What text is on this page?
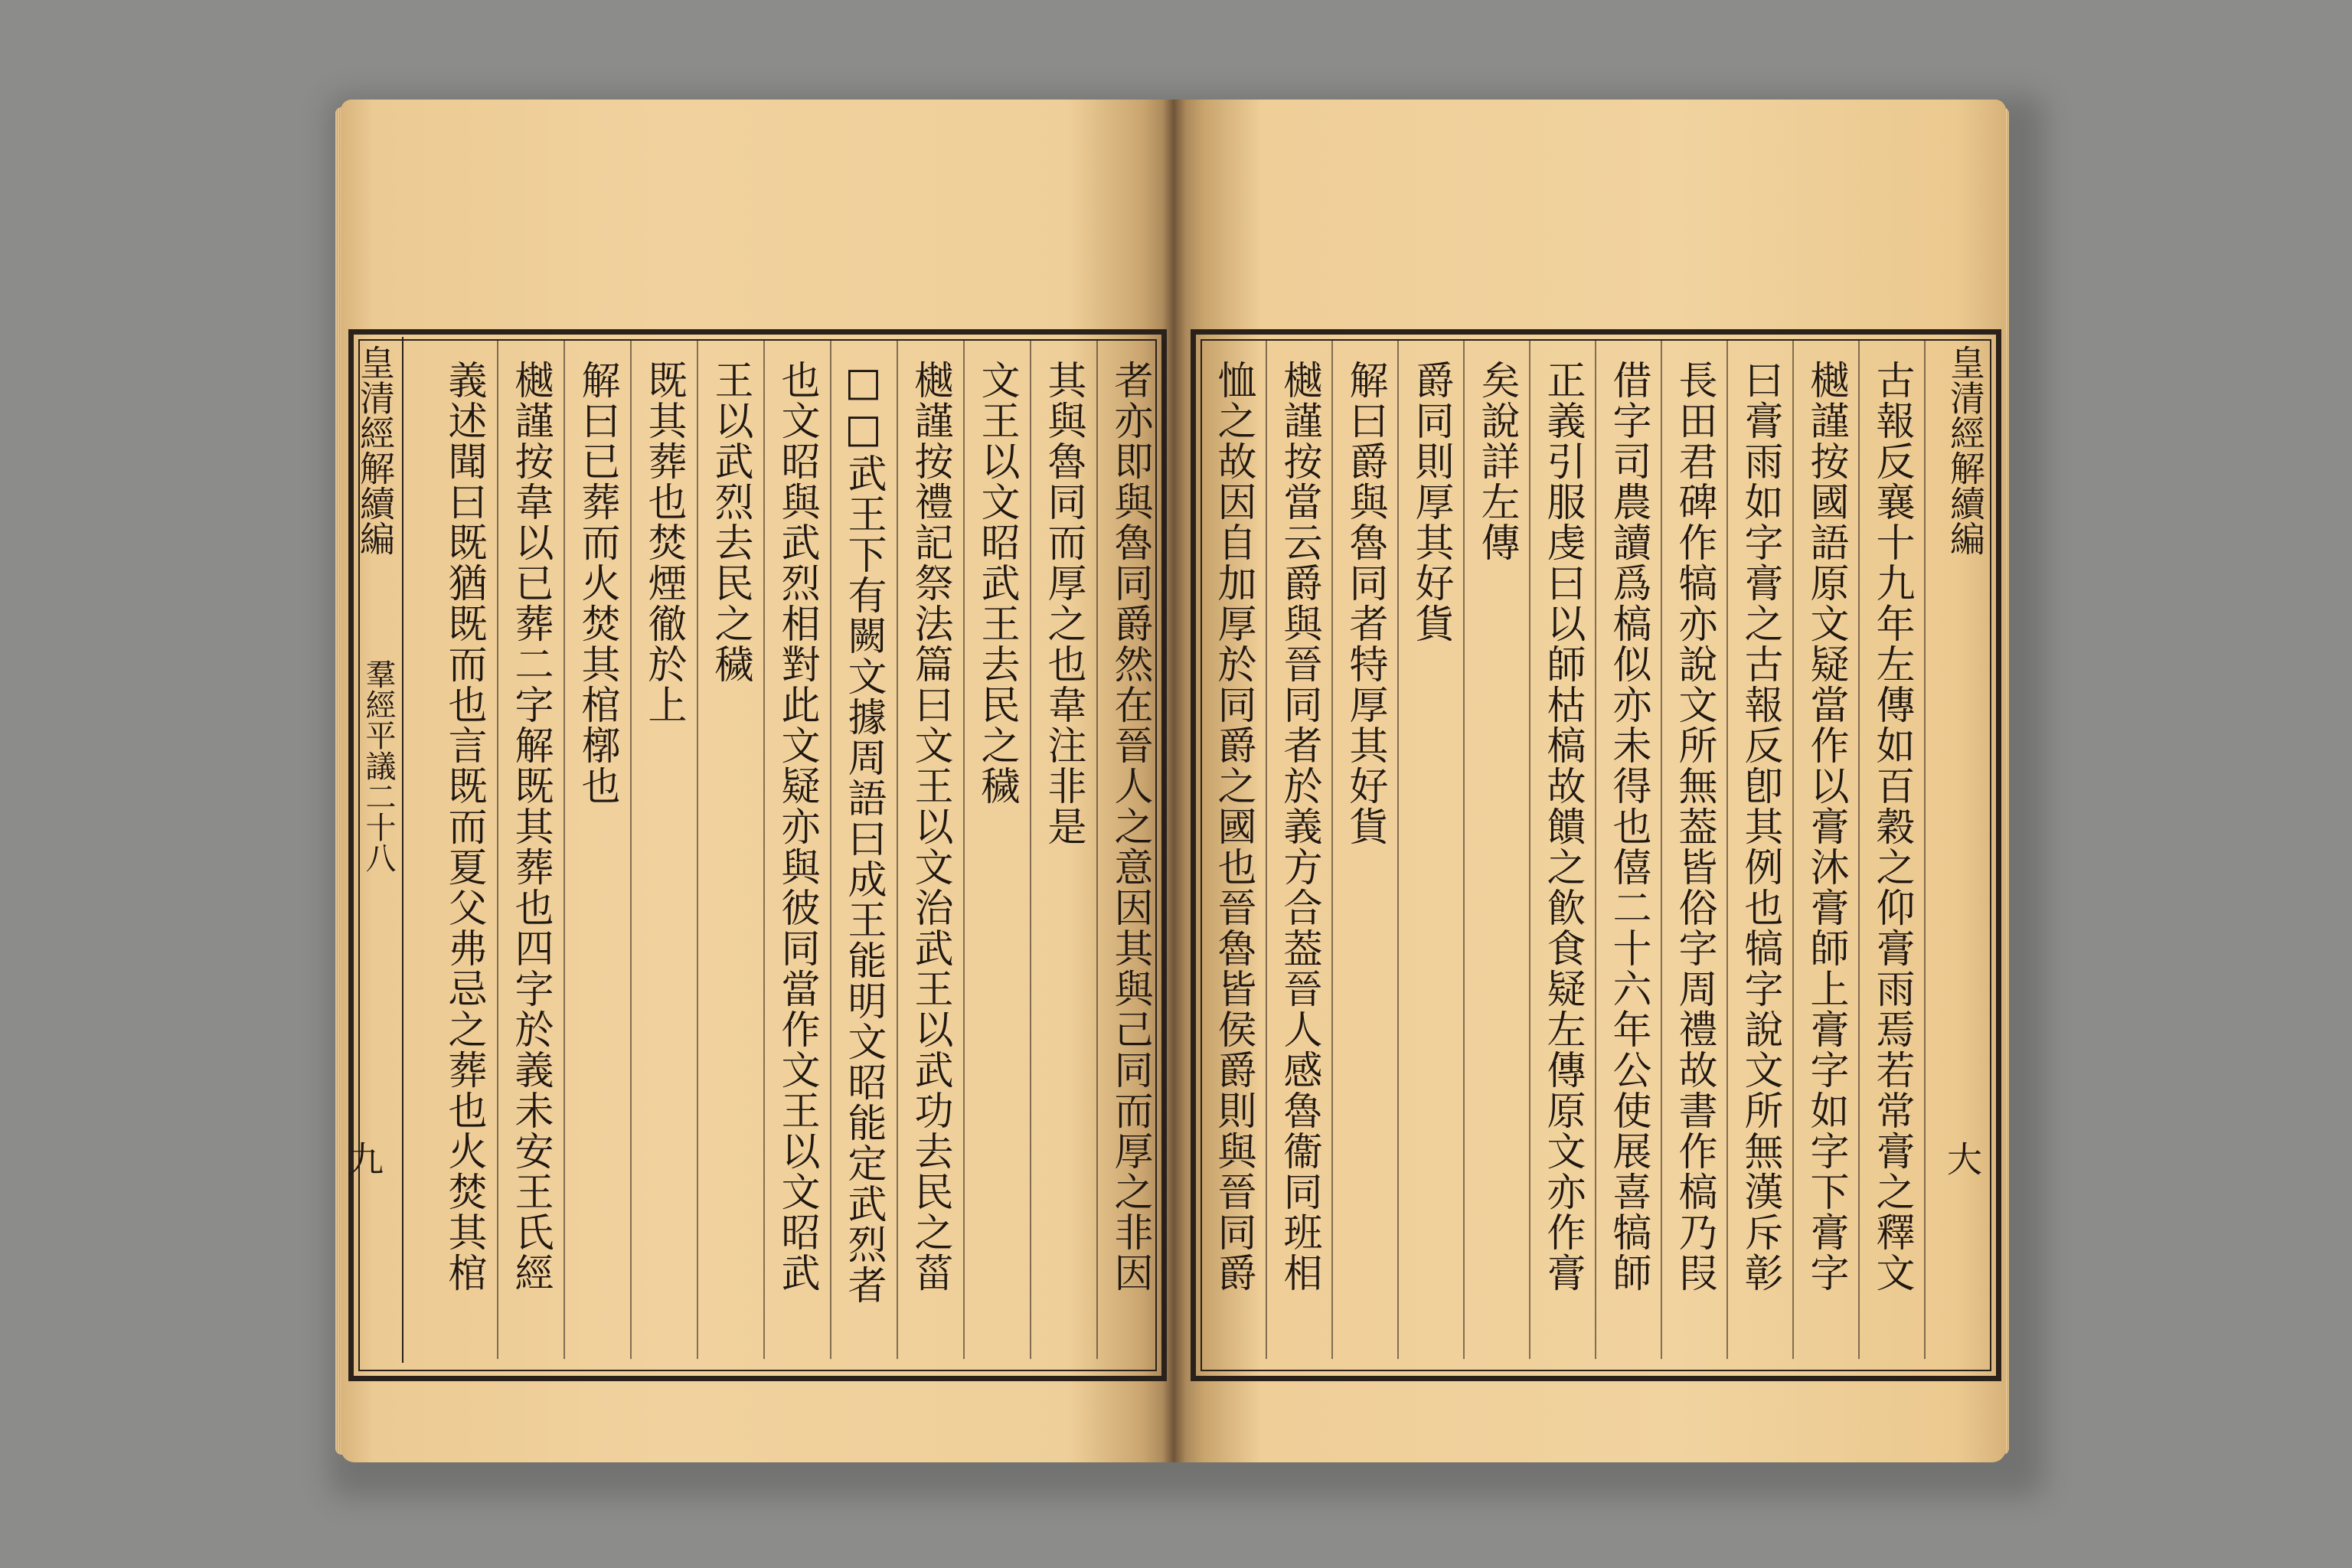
皇清經解續編
羣經平議二十八
九	者亦即與魯同爵然在晉人之意因其與己同而厚之非因
其與魯同而厚之也韋注非是
文王以文昭武王去民之穢
樾謹按禮記祭法篇曰文王以文治武王以武功去民之菑
□□武王下有闕文據周語曰成王能明文昭能定武烈者
也文昭與武烈相對此文疑亦與彼同當作文王以文昭武
王以武烈去民之穢
既其葬也焚煙徹於上
解曰已葬而火焚其棺槨也
樾謹按韋以已葬二字解既其葬也四字於義未安王氏經
義述聞曰既猶既而也言既而夏父弗忌之葬也火焚其棺	皇清經解續編
大
古報反襄十九年左傳如百穀之仰膏雨焉若常膏之釋文
樾謹按國語原文疑當作以膏沐膏師上膏字如字下膏字
曰膏雨如字膏之古報反卽其例也犒字說文所無漢斥彰
長田君碑作犒亦說文所無葢皆俗字周禮故書作槁乃叚
借字司農讀爲槁似亦未得也僖二十六年公使展喜犒師
正義引服虔曰以師枯槁故饋之飮食疑左傳原文亦作膏
矣說詳左傳
爵同則厚其好貨
解曰爵與魯同者特厚其好貨
樾謹按當云爵與晉同者於義方合葢晉人感魯衞同班相
恤之故因自加厚於同爵之國也晉魯皆侯爵則與晉同爵
